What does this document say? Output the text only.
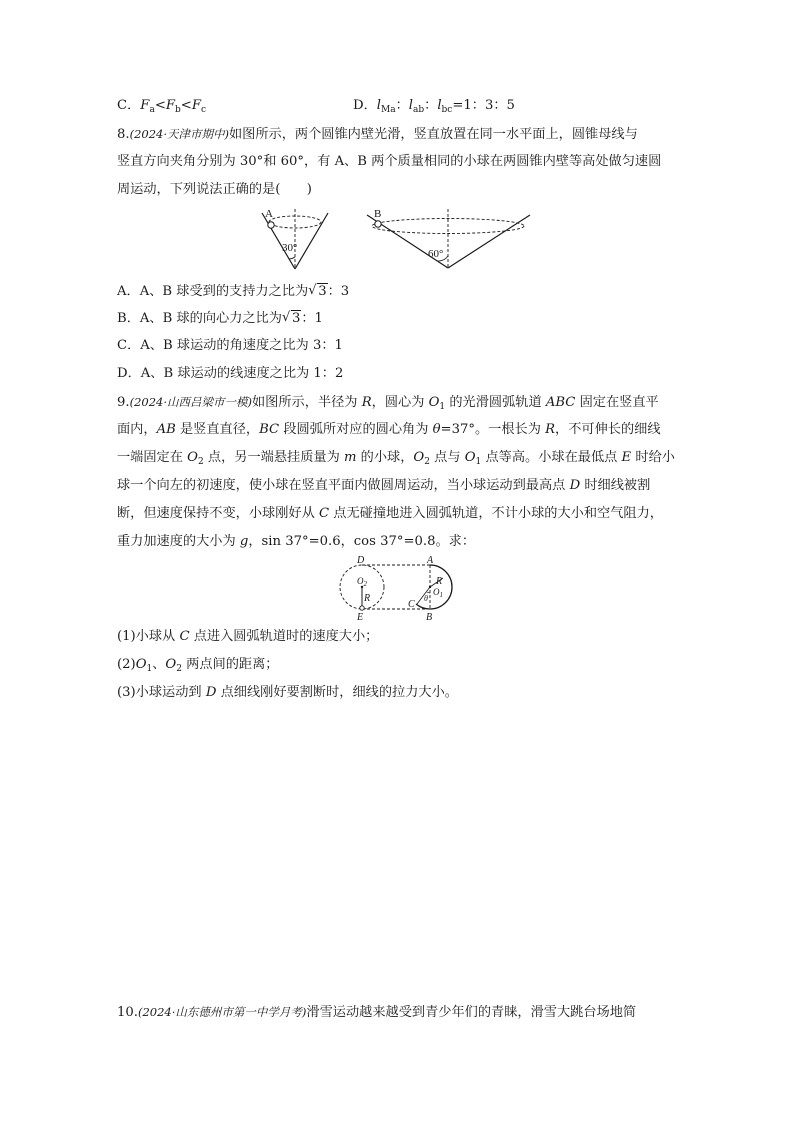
C．$F_a<F_b<F_c$	D．$l_{Ma}$：$l_{ab}$：$l_{bc}=1$：3：5
8.(2024·天津市期中)如图所示，两个圆锥内壁光滑，竖直放置在同一水平面上，圆锥母线与
竖直方向夹角分别为 30°和 60°，有 A、B 两个质量相同的小球在两圆锥内壁等高处做匀速圆
周运动，下列说法正确的是(　　)
A
30°
B
60°
A．A、B 球受到的支持力之比为 √ 3：3
B．A、B 球的向心力之比为 √ 3：1
C．A、B 球运动的角速度之比为 3：1
D．A、B 球运动的线速度之比为 1：2
9.(2024·山西吕梁市一模)如图所示，半径为 R，圆心为 $O_1$ 的光滑圆弧轨道 ABC 固定在竖直平
面内，AB 是竖直直径，BC 段圆弧所对应的圆心角为 θ=37°。一根长为 R，不可伸长的细线
一端固定在 $O_2$ 点，另一端悬挂质量为 m 的小球，$O_2$ 点与 $O_1$ 点等高。小球在最低点 E 时给小
球一个向左的初速度，使小球在竖直平面内做圆周运动，当小球运动到最高点 D 时细线被割
断，但速度保持不变，小球刚好从 C 点无碰撞地进入圆弧轨道，不计小球的大小和空气阻力，
重力加速度的大小为 g，sin 37°=0.6，cos 37°=0.8。求：
D	A
$O_2$
R
R
$O_1$
θ
C
E	B
(1)小球从 C 点进入圆弧轨道时的速度大小；
$(2)O_1$、$O_2$ 两点间的距离；
(3)小球运动到 D 点细线刚好要割断时，细线的拉力大小。
10.(2024·山东德州市第一中学月考)滑雪运动越来越受到青少年们的青睐，滑雪大跳台场地简
